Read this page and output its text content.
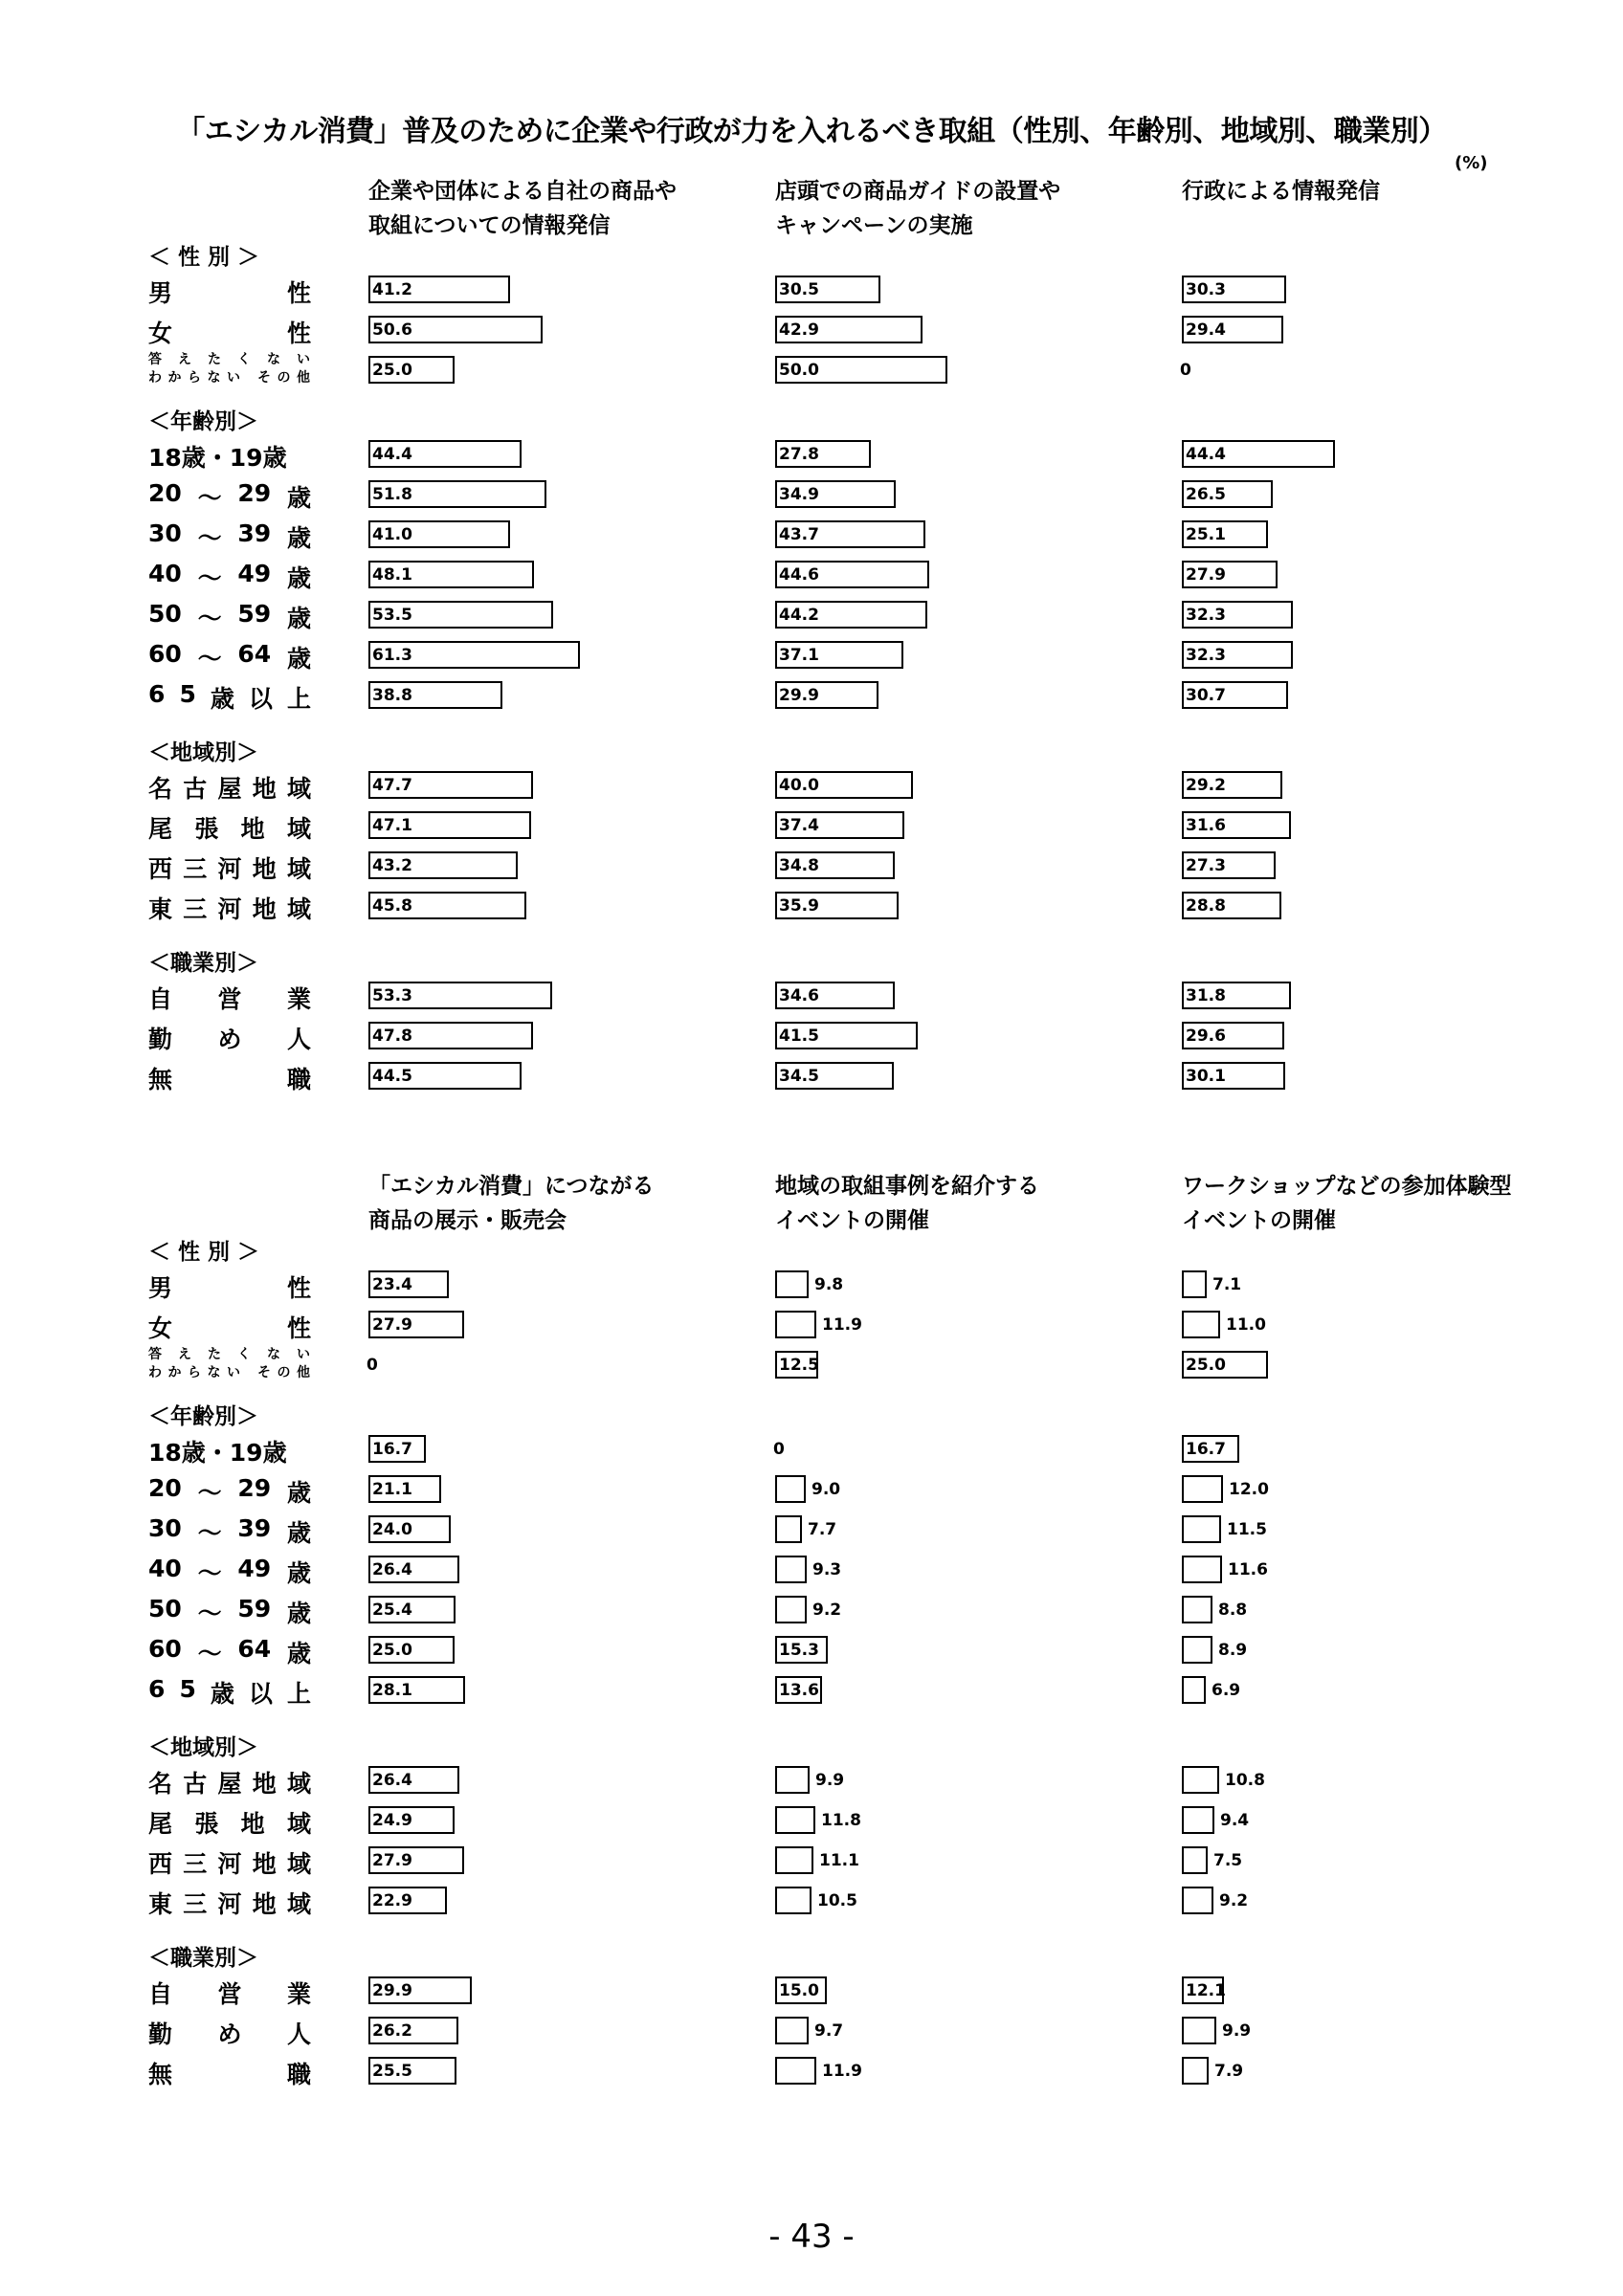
「エシカル消費」普及のために企業や行政が力を入れるべき取組（性別、年齢別、地域別、職業別）
(%)
企業や団体による自社の商品や
取組についての情報発信
店頭での商品ガイドの設置や
キャンペーンの実施
行政による情報発信
＜ 性 別 ＞
男	性	41.2	30.5	30.3
女	性	50.6	42.9	29.4
答 え た く な い
わからない その他	25.0	50.0	0
＜年齢別＞
18歳・19歳	44.4	27.8	44.4
20 ～ 29 歳	51.8	34.9	26.5
30 ～ 39 歳	41.0	43.7	25.1
40 ～ 49 歳	48.1	44.6	27.9
50 ～ 59 歳	53.5	44.2	32.3
60 ～ 64 歳	61.3	37.1	32.3
6 5 歳 以 上	38.8	29.9	30.7
＜地域別＞
名 古 屋 地 域	47.7	40.0	29.2
尾 張 地 域	47.1	37.4	31.6
西 三 河 地 域	43.2	34.8	27.3
東 三 河 地 域	45.8	35.9	28.8
＜職業別＞
自 営 業	53.3	34.6	31.8
勤 め 人	47.8	41.5	29.6
無	職	44.5	34.5	30.1
「エシカル消費」につながる
商品の展示・販売会
地域の取組事例を紹介する
イベントの開催
ワークショップなどの参加体験型
イベントの開催
＜ 性 別 ＞
男	性	23.4	9.8	7.1
女	性	27.9	11.9	11.0
答 え た く な い
わからない その他	0	12.5	25.0
＜年齢別＞
18歳・19歳	16.7	0	16.7
20 ～ 29 歳	21.1	9.0	12.0
30 ～ 39 歳	24.0	7.7	11.5
40 ～ 49 歳	26.4	9.3	11.6
50 ～ 59 歳	25.4	9.2	8.8
60 ～ 64 歳	25.0	15.3	8.9
6 5 歳 以 上	28.1	13.6	6.9
＜地域別＞
名 古 屋 地 域	26.4	9.9	10.8
尾 張 地 域	24.9	11.8	9.4
西 三 河 地 域	27.9	11.1	7.5
東 三 河 地 域	22.9	10.5	9.2
＜職業別＞
自 営 業	29.9	15.0	12.1
勤 め 人	26.2	9.7	9.9
無	職	25.5	11.9	7.9
- 43 -
